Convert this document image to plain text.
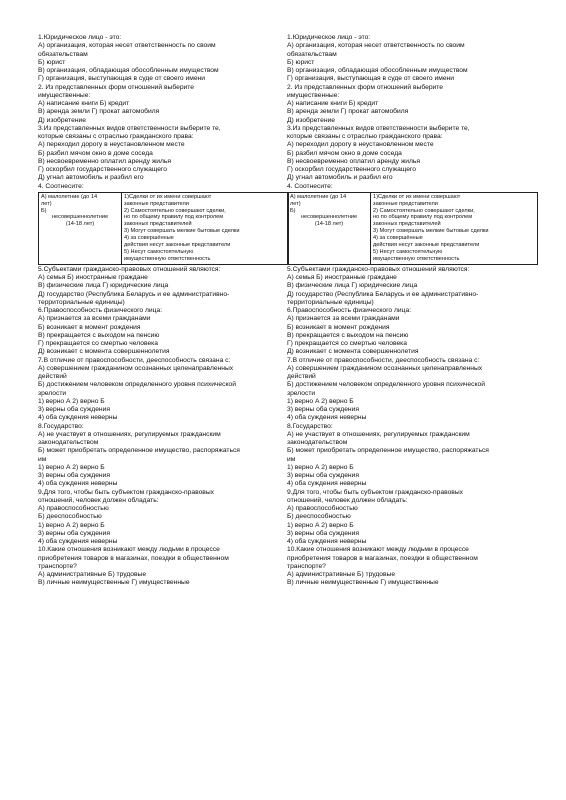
1.Юридическое лицо - это:
А) организация, которая несет ответственность по своим
обязательствам
Б) юрист
В) организация, обладающая обособленным имуществом
Г) организация, выступающая в суде от своего имени
2. Из представленных форм отношений выберите
имущественные:
А) написание книги Б) кредит
В) аренда земли Г) прокат автомобиля
Д) изобретение
3.Из представленных видов ответственности выберите те,
которые связаны с отраслью гражданского права:
А) переходил дорогу в неустановленном месте
Б) разбил мячом окно в доме соседа
В) несвоевременно оплатил аренду жилья
Г) оскорбил государственного служащего
Д) угнал автомобиль и разбил его
4. Соотнесите:
А) малолетние (до 14
лет)
Б)
несовершеннолетние
(14-18 лет)

1)Сделки от их имени совершают
законные представители
2) Самостоятельно совершают сделки,
но по общему правилу под контролем
законных представителей
3) Могут совершать мелкие бытовые сделки
4) за совершённые
действия несут законные представители
5) Несут самостоятельную
имущественную ответственность
5.Субъектами гражданско-правовых отношений являются:
А) семья Б) иностранные граждане
В) физические лица Г) юридические лица
Д) государство (Республика Беларусь и ее административно-
территориальные единицы)
6.Правоспособность физического лица:
А) признается за всеми гражданами
Б) возникает в момент рождения
В) прекращается с выходом на пенсию
Г) прекращается со смертью человека
Д) возникает с момента совершеннолетия
7.В отличие от правоспособности, дееспособность связана с:
А) совершением гражданином осознанных целенаправленных
действий
Б) достижением человеком определенного уровня психической
зрелости
1) верно А 2) верно Б
3) верны оба суждения
4) оба суждения неверны
8.Государство:
А) не участвует в отношениях, регулируемых гражданским
законодательством
Б) может приобретать определенное имущество, распоряжаться
им
1) верно А 2) верно Б
3) верны оба суждения
4) оба суждения неверны
9.Для того, чтобы быть субъектом гражданско-правовых
отношений, человек должен обладать:
А) правоспособностью
Б) дееспособностью
1) верно А 2) верно Б
3) верны оба суждения
4) оба суждения неверны
10.Какие отношения возникают между людьми в процессе
приобретения товаров в магазинах, поездки в общественном
транспорте?
А) административные Б) трудовые
В) личные неимущественные Г) имущественные
1.Юридическое лицо - это:
А) организация, которая несет ответственность по своим
обязательствам
Б) юрист
В) организация, обладающая обособленным имуществом
Г) организация, выступающая в суде от своего имени
2. Из представленных форм отношений выберите
имущественные:
А) написание книги Б) кредит
В) аренда земли Г) прокат автомобиля
Д) изобретение
3.Из представленных видов ответственности выберите те,
которые связаны с отраслью гражданского права:
А) переходил дорогу в неустановленном месте
Б) разбил мячом окно в доме соседа
В) несвоевременно оплатил аренду жилья
Г) оскорбил государственного служащего
Д) угнал автомобиль и разбил его
4. Соотнесите:
А) малолетние (до 14
лет)
Б)
несовершеннолетние
(14-18 лет)

1)Сделки от их имени совершают
законные представители
2) Самостоятельно совершают сделки,
но по общему правилу под контролем
законных представителей
3) Могут совершать мелкие бытовые сделки
4) за совершённые
действия несут законные представители
5) Несут самостоятельную
имущественную ответственность
5.Субъектами гражданско-правовых отношений являются:
А) семья Б) иностранные граждане
В) физические лица Г) юридические лица
Д) государство (Республика Беларусь и ее административно-
территориальные единицы)
6.Правоспособность физического лица:
А) признается за всеми гражданами
Б) возникает в момент рождения
В) прекращается с выходом на пенсию
Г) прекращается со смертью человека
Д) возникает с момента совершеннолетия
7.В отличие от правоспособности, дееспособность связана с:
А) совершением гражданином осознанных целенаправленных
действий
Б) достижением человеком определенного уровня психической
зрелости
1) верно А 2) верно Б
3) верны оба суждения
4) оба суждения неверны
8.Государство:
А) не участвует в отношениях, регулируемых гражданским
законодательством
Б) может приобретать определенное имущество, распоряжаться
им
1) верно А 2) верно Б
3) верны оба суждения
4) оба суждения неверны
9.Для того, чтобы быть субъектом гражданско-правовых
отношений, человек должен обладать:
А) правоспособностью
Б) дееспособностью
1) верно А 2) верно Б
3) верны оба суждения
4) оба суждения неверны
10.Какие отношения возникают между людьми в процессе
приобретения товаров в магазинах, поездки в общественном
транспорте?
А) административные Б) трудовые
В) личные неимущественные Г) имущественные
